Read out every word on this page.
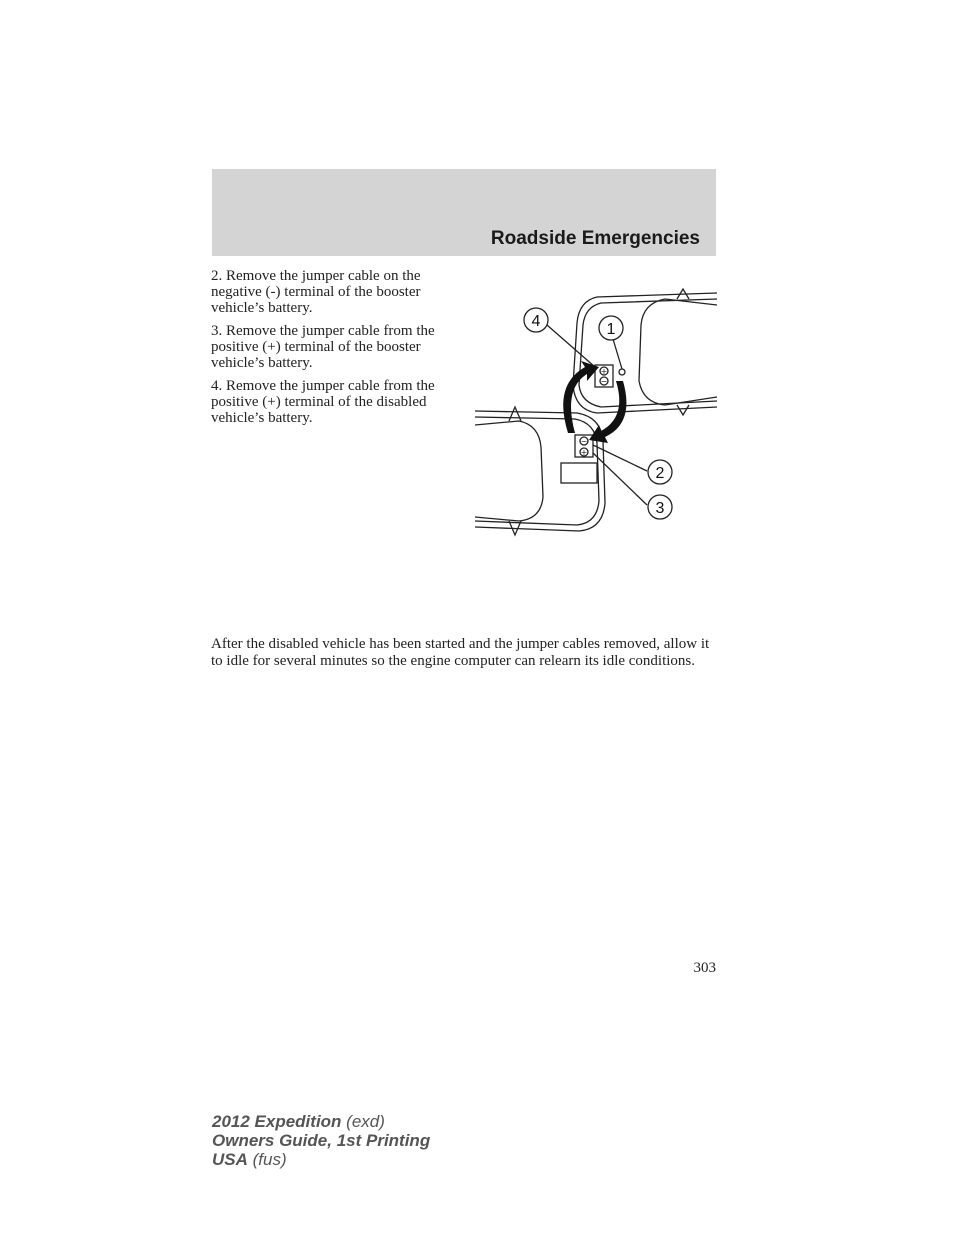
Roadside Emergencies

2. Remove the jumper cable on the negative (-) terminal of the booster vehicle’s battery.

3. Remove the jumper cable from the positive (+) terminal of the booster vehicle’s battery.

4. Remove the jumper cable from the positive (+) terminal of the disabled vehicle’s battery.

+
−
−
+
4	1
2
3

After the disabled vehicle has been started and the jumper cables removed, allow it to idle for several minutes so the engine computer can relearn its idle conditions.

303
2012 Expedition (exd)
Owners Guide, 1st Printing
USA (fus)
